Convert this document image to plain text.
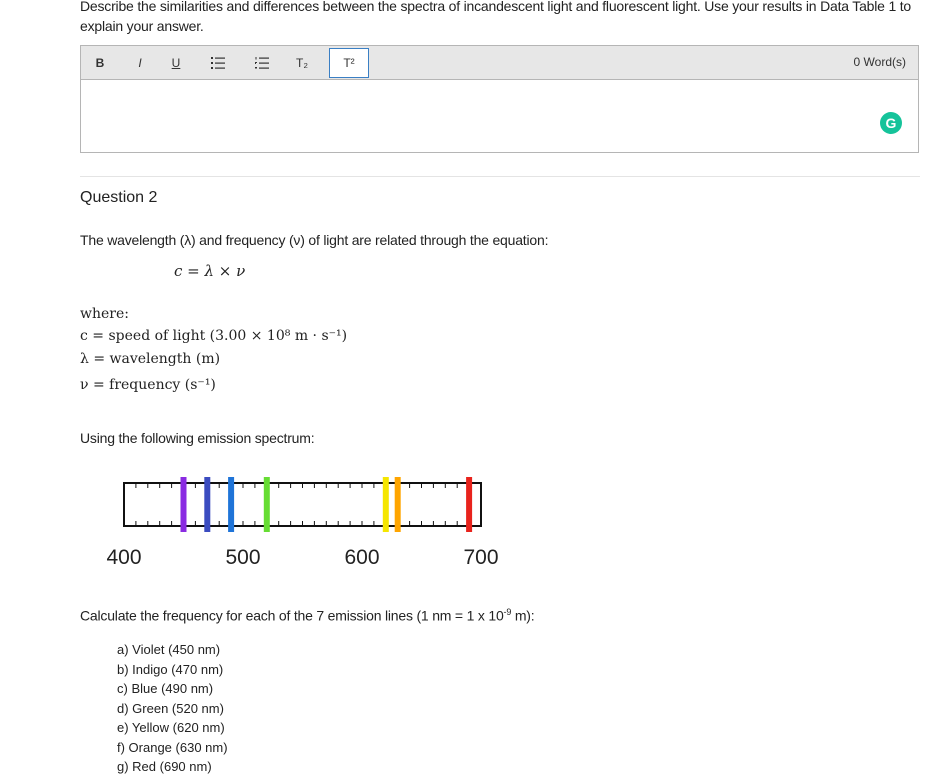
Describe the similarities and differences between the spectra of incandescent light and fluorescent light. Use your results in Data Table 1 to explain your answer.
B	I	U	T₂	T²	0 Word(s)
G
Question 2
The wavelength (λ) and frequency (ν) of light are related through the equation:
c = λ × ν
where:
c = speed of light (3.00 × 10⁸ m · s⁻¹)
λ = wavelength (m)
ν = frequency (s⁻¹)
Using the following emission spectrum:
400	500	600	700
Calculate the frequency for each of the 7 emission lines (1 nm = 1 x $10^{-9}$ m):
a) Violet (450 nm)
b) Indigo (470 nm)
c) Blue (490 nm)
d) Green (520 nm)
e) Yellow (620 nm)
f) Orange (630 nm)
g) Red (690 nm)
